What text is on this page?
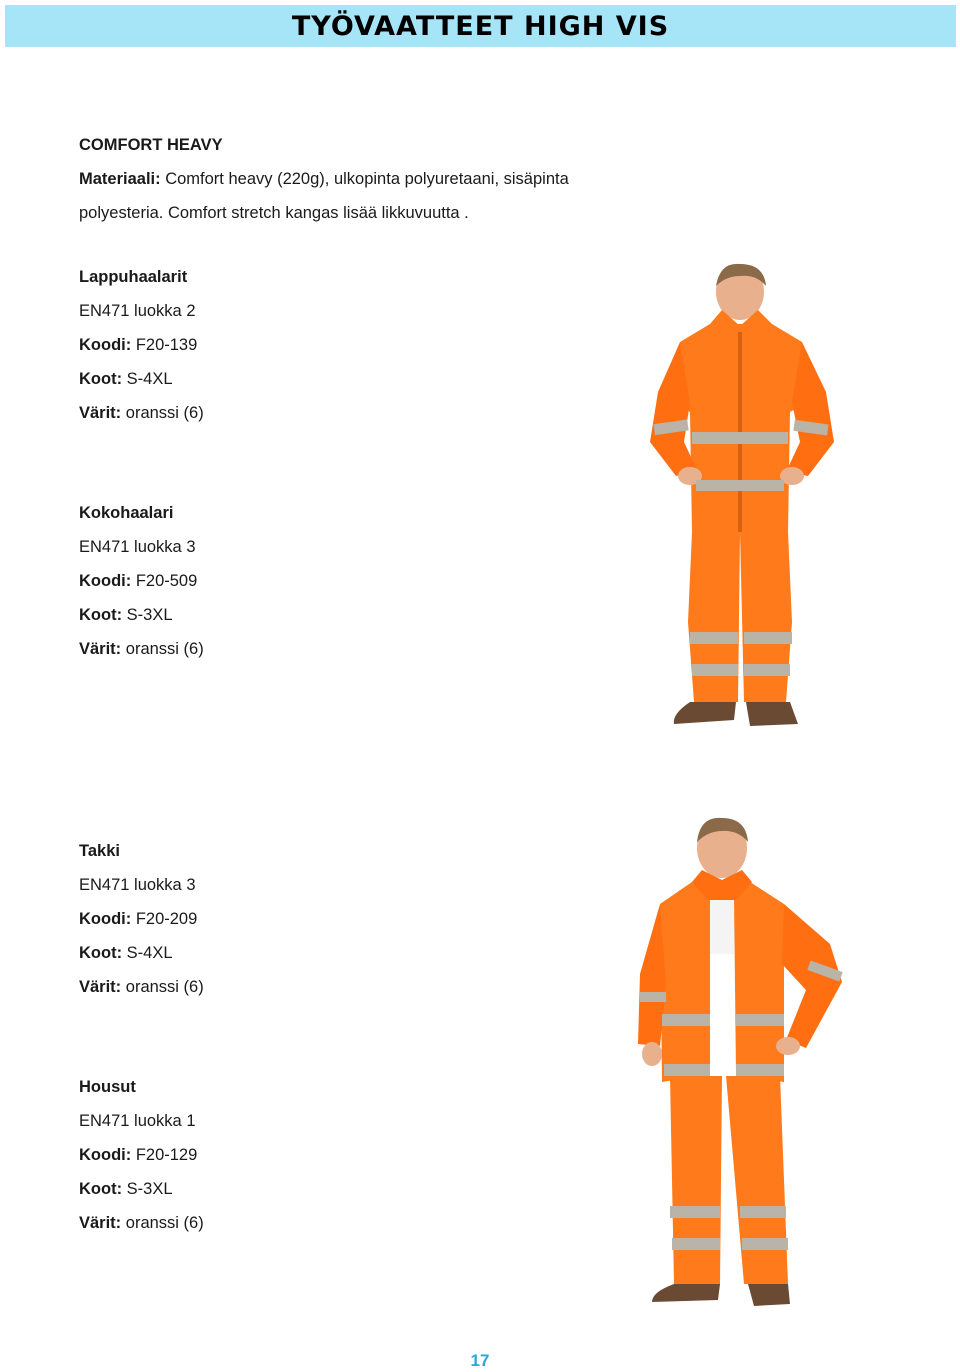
TYÖVAATTEET HIGH VIS

COMFORT HEAVY

Materiaali: Comfort heavy (220g), ulkopinta polyuretaani, sisäpinta

polyesteria. Comfort stretch kangas lisää likkuvuutta .

Lappuhaalarit

EN471 luokka 2

Koodi: F20-139

Koot: S-4XL

Värit: oranssi (6)

Kokohaalari

EN471 luokka 3

Koodi: F20-509

Koot: S-3XL

Värit: oranssi (6)

Takki

EN471 luokka 3

Koodi: F20-209

Koot: S-4XL

Värit: oranssi (6)

Housut

EN471 luokka 1

Koodi: F20-129

Koot: S-3XL

Värit: oranssi (6)

17
